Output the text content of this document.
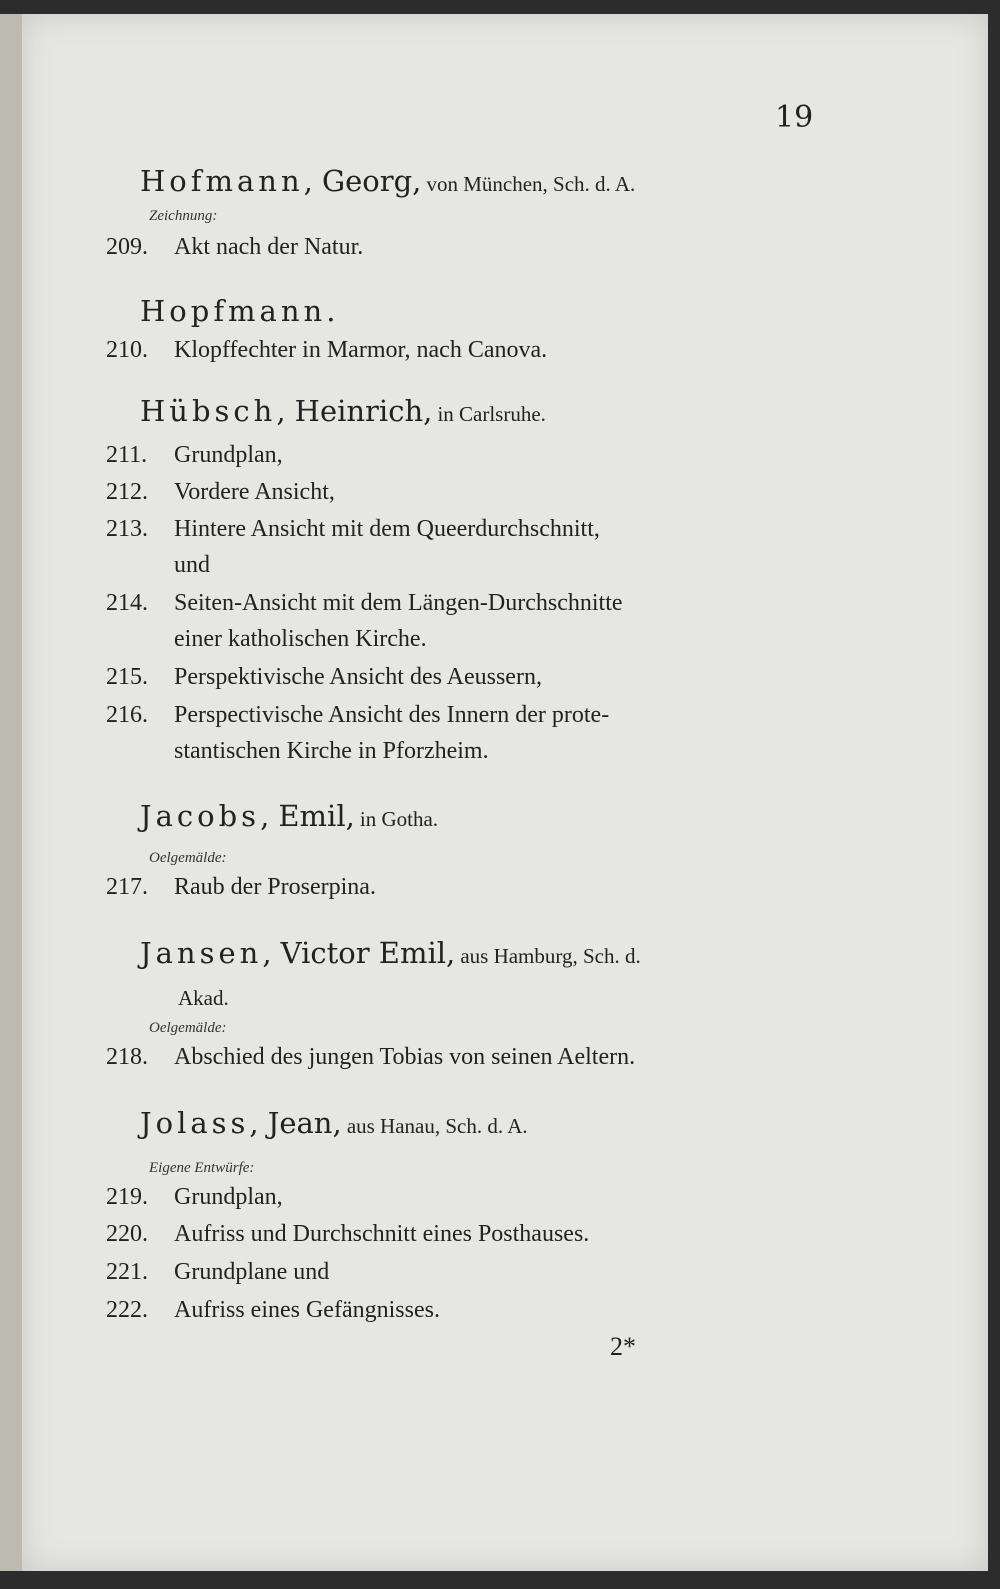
19
Hofmann, Georg, von München, Sch. d. A.
Zeichnung:
209. Akt nach der Natur.
Hopfmann.
210. Klopffechter in Marmor, nach Canova.
Hübsch, Heinrich, in Carlsruhe.
211. Grundplan,
212. Vordere Ansicht,
213. Hintere Ansicht mit dem Queerdurchschnitt,
und
214. Seiten-Ansicht mit dem Längen-Durchschnitte
einer katholischen Kirche.
215. Perspektivische Ansicht des Aeussern,
216. Perspectivische Ansicht des Innern der prote-
stantischen Kirche in Pforzheim.
Jacobs, Emil, in Gotha.
Oelgemälde:
217. Raub der Proserpina.
Jansen, Victor Emil, aus Hamburg, Sch. d.
Akad.
Oelgemälde:
218. Abschied des jungen Tobias von seinen Aeltern.
Jolass, Jean, aus Hanau, Sch. d. A.
Eigene Entwürfe:
219. Grundplan,
220. Aufriss und Durchschnitt eines Posthauses.
221. Grundplane und
222. Aufriss eines Gefängnisses.
2*
